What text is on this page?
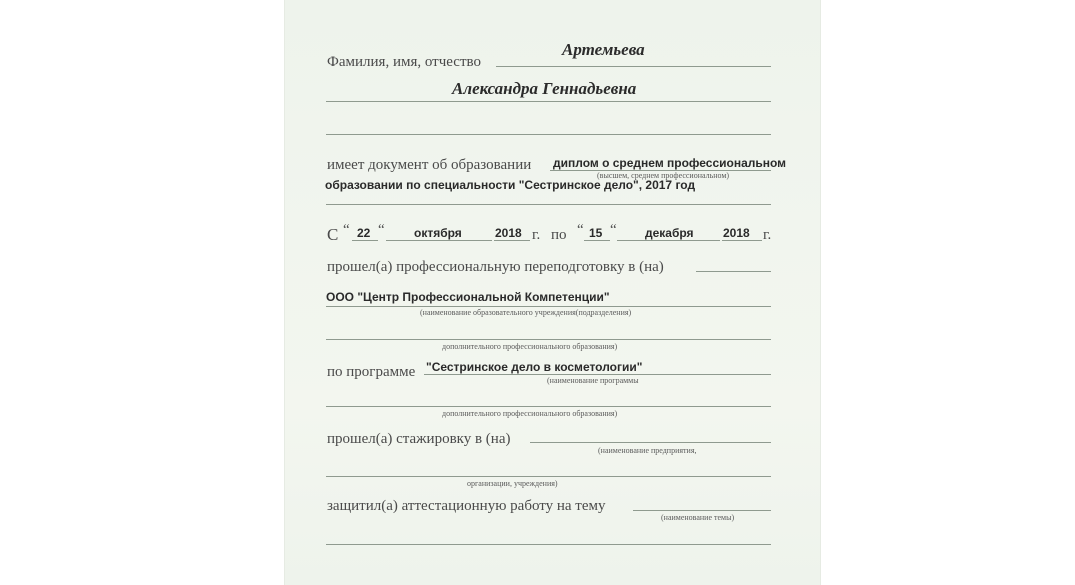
Фамилия, имя, отчество
Артемьева
Александра Геннадьевна
имеет документ об образовании диплом о среднем профессиональном
(высшем, среднем профессиональном)
образовании по специальности "Сестринское дело", 2017 год
С “ 22 “ октября	2018 г. по “ 15 “ декабря 2018 г.
прошел(а) профессиональную переподготовку в (на)
ООО "Центр Профессиональной Компетенции"
(наименование образовательного учреждения(подразделения)
дополнительного профессионального образования)
по программе "Сестринское дело в косметологии"
(наименование программы
дополнительного профессионального образования)
прошел(а) стажировку в (на)
(наименование предприятия,
организации, учреждения)
защитил(а) аттестационную работу на тему
(наименование темы)
